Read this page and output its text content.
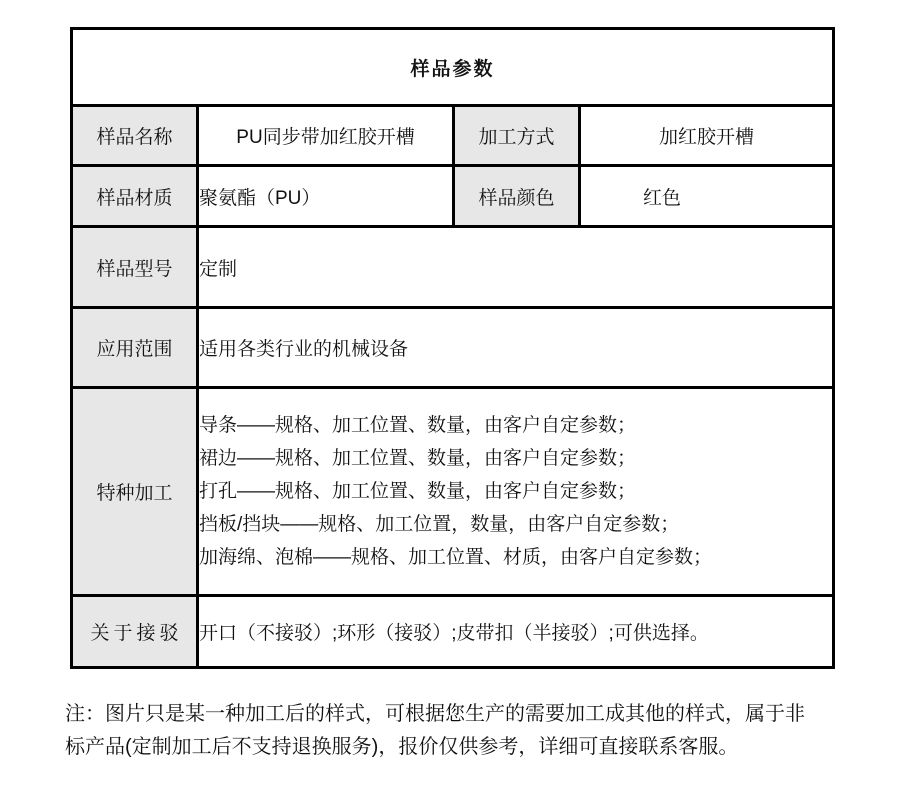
样品参数			
样品名称	PU同步带加红胶开槽	加工方式	加红胶开槽
样品材质	聚氨酯（PU）	样品颜色	红色
样品型号	定制		
应用范围	适用各类行业的机械设备		
特种加工	导条——规格、加工位置、数量，由客户自定参数；
裙边——规格、加工位置、数量，由客户自定参数；
打孔——规格、加工位置、数量，由客户自定参数；
挡板/挡块——规格、加工位置，数量，由客户自定参数；
加海绵、泡棉——规格、加工位置、材质，由客户自定参数；		

关于接驳	开口（不接驳）;环形（接驳）;皮带扣（半接驳）;可供选择。		

注：图片只是某一种加工后的样式，可根据您生产的需要加工成其他的样式，属于非标产品(定制加工后不支持退换服务)，报价仅供参考，详细可直接联系客服。
